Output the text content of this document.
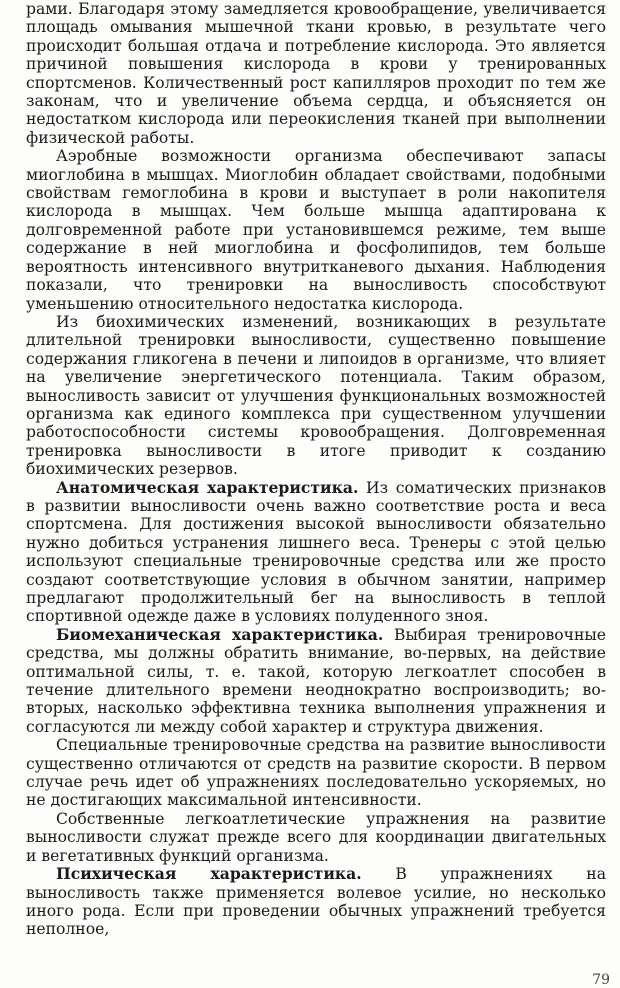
рами. Благодаря этому замедляется кровообращение, увеличивается площадь омывания мышечной ткани кровью, в результате чего происходит большая отдача и потребление кислорода. Это является причиной повышения кислорода в крови у тренированных спортсменов. Количественный рост капилляров проходит по тем же законам, что и увеличение объема сердца, и объясняется он недостатком кислорода или переокисления тканей при выполнении физической работы.

Аэробные возможности организма обеспечивают запасы миоглобина в мышцах. Миоглобин обладает свойствами, подобными свойствам гемоглобина в крови и выступает в роли накопителя кислорода в мышцах. Чем больше мышца адаптирована к долговременной работе при установившемся режиме, тем выше содержание в ней миоглобина и фосфолипидов, тем больше вероятность интенсивного внутритканевого дыхания. Наблюдения показали, что тренировки на выносливость способствуют уменьшению относительного недостатка кислорода.

Из биохимических изменений, возникающих в результате длительной тренировки выносливости, существенно повышение содержания гликогена в печени и липоидов в организме, что влияет на увеличение энергетического потенциала. Таким образом, выносливость зависит от улучшения функциональных возможностей организма как единого комплекса при существенном улучшении работоспособности системы кровообращения. Долговременная тренировка выносливости в итоге приводит к созданию биохимических резервов.

Анатомическая характеристика. Из соматических признаков в развитии выносливости очень важно соответствие роста и веса спортсмена. Для достижения высокой выносливости обязательно нужно добиться устранения лишнего веса. Тренеры с этой целью используют специальные тренировочные средства или же просто создают соответствующие условия в обычном занятии, например предлагают продолжительный бег на выносливость в теплой спортивной одежде даже в условиях полуденного зноя.

Биомеханическая характеристика. Выбирая тренировочные средства, мы должны обратить внимание, во-первых, на действие оптимальной силы, т. е. такой, которую легкоатлет способен в течение длительного времени неоднократно воспроизводить; во-вторых, насколько эффективна техника выполнения упражнения и согласуются ли между собой характер и структура движения.

Специальные тренировочные средства на развитие выносливости существенно отличаются от средств на развитие скорости. В первом случае речь идет об упражнениях последовательно ускоряемых, но не достигающих максимальной интенсивности.

Собственные легкоатлетические упражнения на развитие выносливости служат прежде всего для координации двигательных и вегетативных функций организма.

Психическая характеристика. В упражнениях на выносливость также применяется волевое усилие, но несколько иного рода. Если при проведении обычных упражнений требуется неполное,

79
